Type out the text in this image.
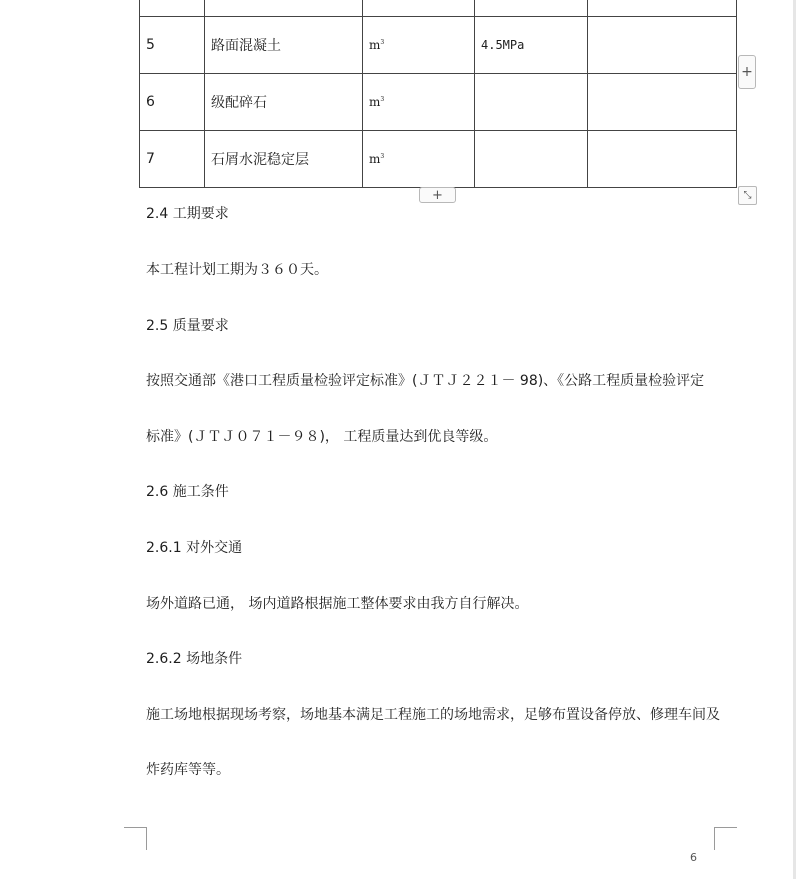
5	路面混凝土	$m^3$	4.5MPa	
6	级配碎石	$m^3$		
7	石屑水泥稳定层	$m^3$		
+
+	⤡
2.4 工期要求
本工程计划工期为３６０天。
2.5 质量要求
按照交通部《港口工程质量检验评定标准》(ＪＴＪ２２１－ 98)、《公路工程质量检验评定
标准》(ＪＴＪ０７１－９８)， 工程质量达到优良等级。
2.6 施工条件
2.6.1 对外交通
场外道路已通， 场内道路根据施工整体要求由我方自行解决。
2.6.2 场地条件
施工场地根据现场考察，场地基本满足工程施工的场地需求，足够布置设备停放、修理车间及
炸药库等等。
6
